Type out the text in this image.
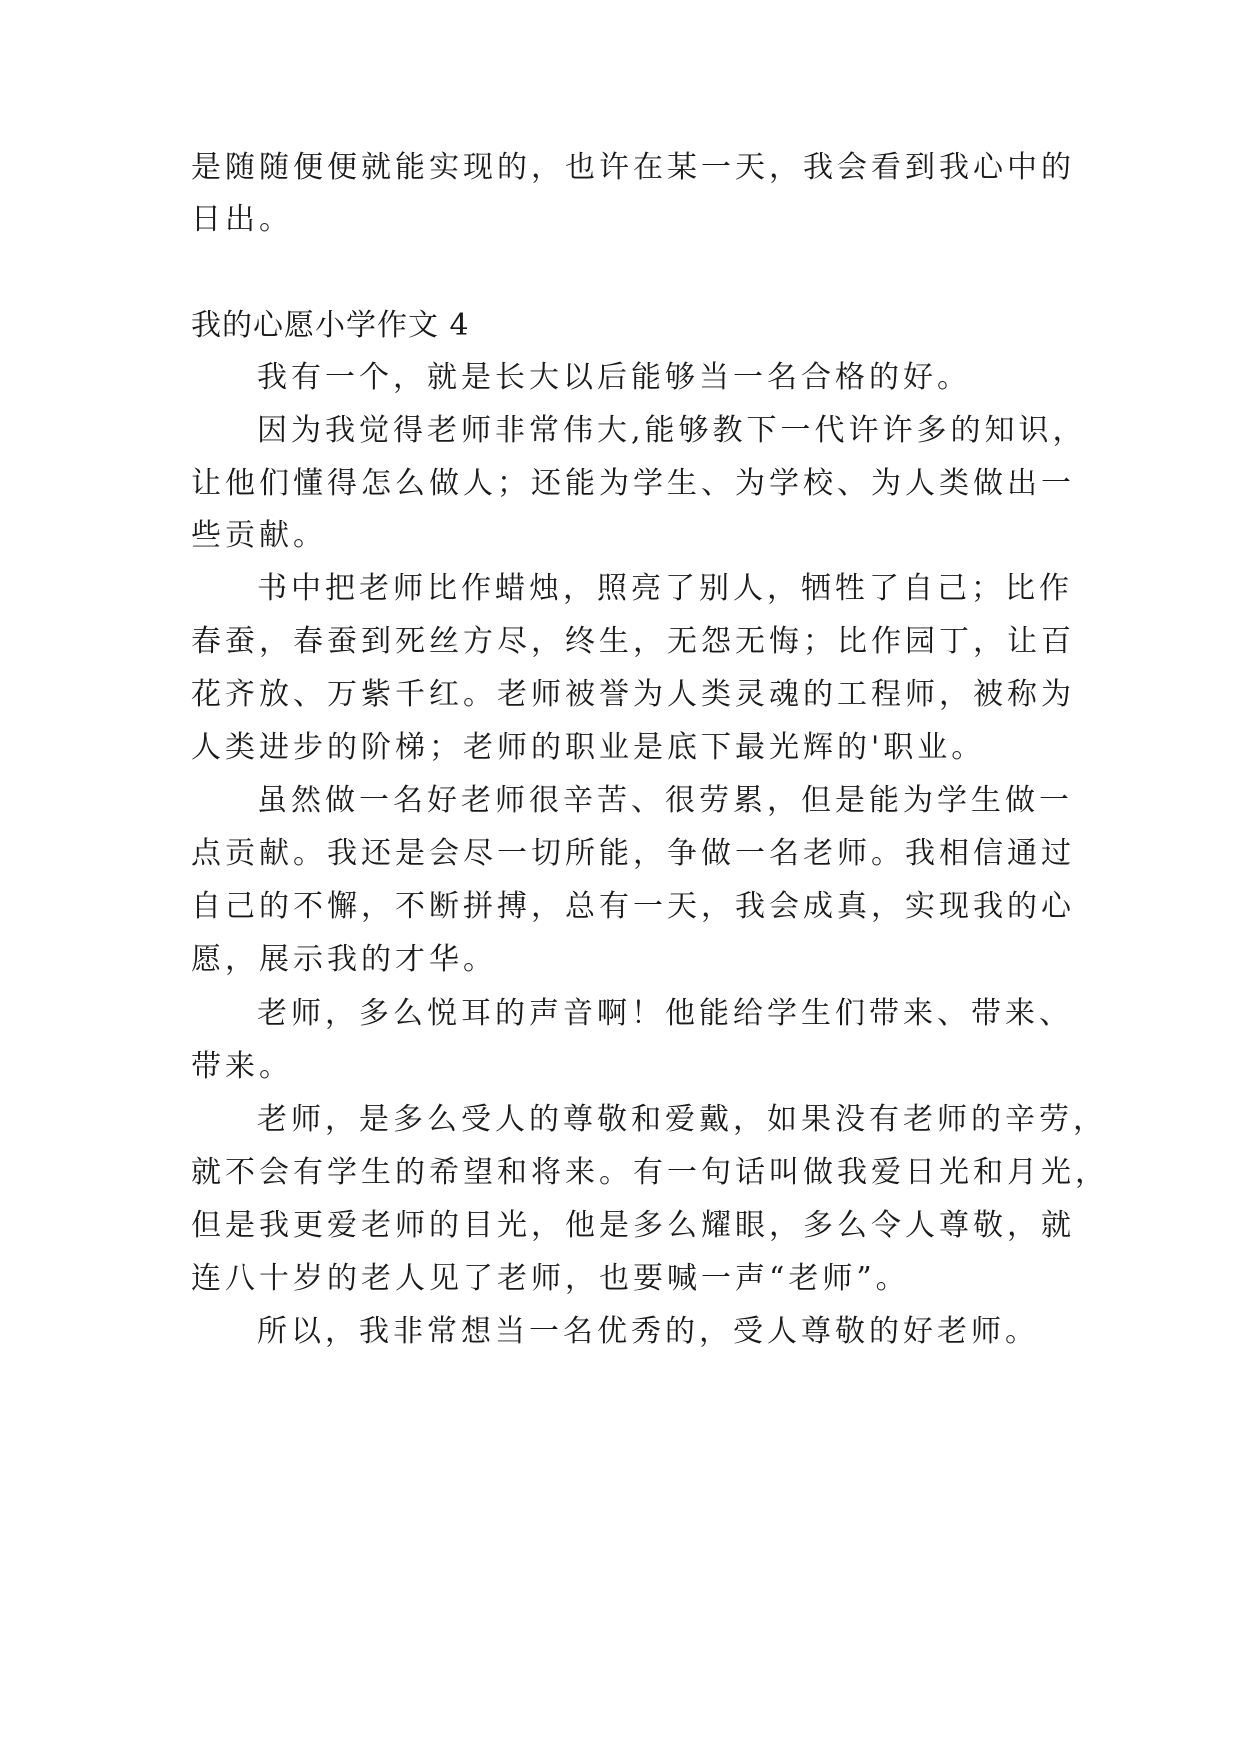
是随随便便就能实现的，也许在某一天，我会看到我心中的
日出。
我的心愿小学作文 4
我有一个，就是长大以后能够当一名合格的好。
因为我觉得老师非常伟大,能够教下一代许许多的知识，
让他们懂得怎么做人；还能为学生、为学校、为人类做出一
些贡献。
书中把老师比作蜡烛，照亮了别人，牺牲了自己；比作
春蚕，春蚕到死丝方尽，终生，无怨无悔；比作园丁，让百
花齐放、万紫千红。老师被誉为人类灵魂的工程师，被称为
人类进步的阶梯；老师的职业是底下最光辉的'职业。
虽然做一名好老师很辛苦、很劳累，但是能为学生做一
点贡献。我还是会尽一切所能，争做一名老师。我相信通过
自己的不懈，不断拼搏，总有一天，我会成真，实现我的心
愿，展示我的才华。
老师，多么悦耳的声音啊！他能给学生们带来、带来、
带来。
老师，是多么受人的尊敬和爱戴，如果没有老师的辛劳，
就不会有学生的希望和将来。有一句话叫做我爱日光和月光，
但是我更爱老师的目光，他是多么耀眼，多么令人尊敬，就
连八十岁的老人见了老师，也要喊一声“老师”。
所以，我非常想当一名优秀的，受人尊敬的好老师。
